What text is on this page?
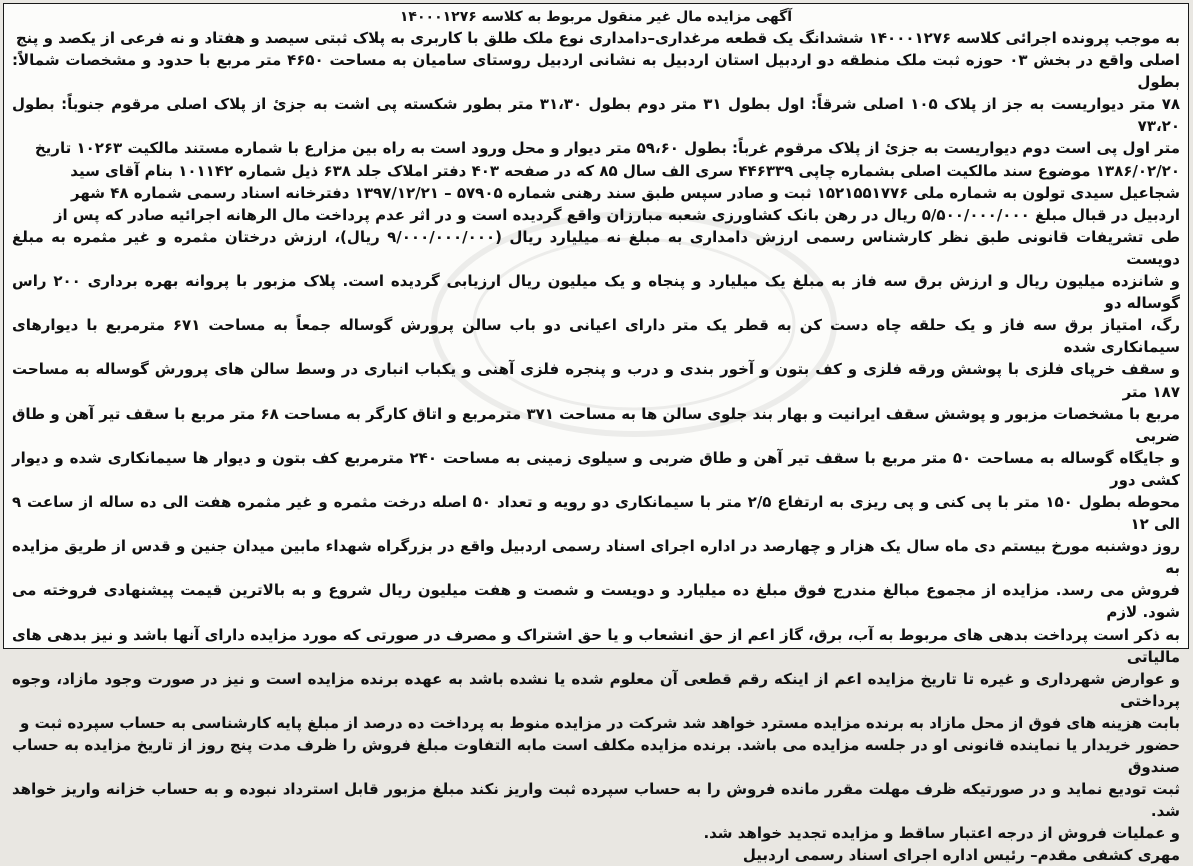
آگهی مزایده مال غیر منقول مربوط به کلاسه ۱۴۰۰۰۱۲۷۶
به موجب پرونده اجرائی کلاسه ۱۴۰۰۰۱۲۷۶ ششدانگ یک قطعه مرغداری–دامداری نوع ملک طلق با کاربری به پلاک ثبتی سیصد و هفتاد و نه فرعی از یکصد و پنج
اصلی واقع در بخش ۰۳ حوزه ثبت ملک منطقه دو اردبیل استان اردبیل به نشانی اردبیل روستای سامیان به مساحت ۴۶۵۰ متر مربع با حدود و مشخصات شمالاً: بطول
۷۸ متر دیواریست به جز از پلاک ۱۰۵ اصلی شرقاً: اول بطول ۳۱ متر دوم بطول ۳۱،۳۰ متر بطور شکسته پی اشت به جزئ از پلاک اصلی مرقوم جنوباً: بطول ۷۳،۲۰
متر اول پی است دوم دیواریست به جزئ از پلاک مرقوم غرباً: بطول ۵۹،۶۰ متر دیوار و محل ورود است به راه بین مزارع با شماره مستند مالکیت ۱۰۲۶۳ تاریخ
۱۳۸۶/۰۲/۲۰ موضوع سند مالکیت اصلی بشماره چاپی ۴۴۶۳۳۹ سری الف سال ۸۵ که در صفحه ۴۰۳ دفتر املاک جلد ۶۳۸ ذیل شماره ۱۰۱۱۴۲ بنام آقای سید
شجاعیل سیدی تولون به شماره ملی ۱۵۲۱۵۵۱۷۷۶ ثبت و صادر سپس طبق سند رهنی شماره ۵۷۹۰۵ – ۱۳۹۷/۱۲/۲۱ دفترخانه اسناد رسمی شماره ۴۸ شهر
اردبیل در قبال مبلغ ۵/۵۰۰/۰۰۰/۰۰۰ ریال در رهن بانک کشاورزی شعبه مبارزان واقع گردیده است و در اثر عدم پرداخت مال الرهانه اجرائیه صادر که پس از
طی تشریفات قانونی طبق نظر کارشناس رسمی ارزش دامداری به مبلغ نه میلیارد ریال (۹/۰۰۰/۰۰۰/۰۰۰ ریال)، ارزش درختان مثمره و غیر مثمره به مبلغ دویست
و شانزده میلیون ریال و ارزش برق سه فاز به مبلغ یک میلیارد و پنجاه و یک میلیون ریال ارزیابی گردیده است. پلاک مزبور با پروانه بهره برداری ۲۰۰ راس گوساله دو
رگ، امتیاز برق سه فاز و یک حلقه چاه دست کن به قطر یک متر دارای اعیانی دو باب سالن پرورش گوساله جمعاً به مساحت ۶۷۱ مترمربع با دیوارهای سیمانکاری شده
و سقف خرپای فلزی با پوشش ورقه فلزی و کف بتون و آخور بندی و درب و پنجره فلزی آهنی و یکباب انباری در وسط سالن های پرورش گوساله به مساحت ۱۸۷ متر
مربع با مشخصات مزبور و پوشش سقف ایرانیت و بهار بند جلوی سالن ها به مساحت ۳۷۱ مترمربع و اتاق کارگر به مساحت ۶۸ متر مربع با سقف تیر آهن و طاق ضربی
و جایگاه گوساله به مساحت ۵۰ متر مربع با سقف تیر آهن و طاق ضربی و سیلوی زمینی به مساحت ۲۴۰ مترمربع کف بتون و دیوار ها سیمانکاری شده و دیوار کشی دور
محوطه بطول ۱۵۰ متر با پی کنی و پی ریزی به ارتفاع ۲/۵ متر با سیمانکاری دو رویه و تعداد ۵۰ اصله درخت مثمره و غیر مثمره هفت الی ده ساله از ساعت ۹ الی ۱۲
روز دوشنبه مورخ بیستم دی ماه سال یک هزار و چهارصد در اداره اجرای اسناد رسمی اردبیل واقع در بزرگراه شهداء مابین میدان جنین و قدس از طریق مزایده به
فروش می رسد. مزایده از مجموع مبالغ مندرج فوق مبلغ ده میلیارد و دویست و شصت و هفت میلیون ریال شروع و به بالاترین قیمت پیشنهادی فروخته می شود. لازم
به ذکر است پرداخت بدهی های مربوط به آب، برق، گاز اعم از حق انشعاب و یا حق اشتراک و مصرف در صورتی که مورد مزایده دارای آنها باشد و نیز بدهی های مالیاتی
و عوارض شهرداری و غیره تا تاریخ مزایده اعم از اینکه رقم قطعی آن معلوم شده یا نشده باشد به عهده برنده مزایده است و نیز در صورت وجود مازاد، وجوه پرداختی
بابت هزینه های فوق از محل مازاد به برنده مزایده مسترد خواهد شد شرکت در مزایده منوط به پرداخت ده درصد از مبلغ پایه کارشناسی به حساب سپرده ثبت و
حضور خریدار یا نماینده قانونی او در جلسه مزایده می باشد. برنده مزایده مکلف است مابه التفاوت مبلغ فروش را ظرف مدت پنج روز از تاریخ مزایده به حساب صندوق
ثبت تودیع نماید و در صورتیکه ظرف مهلت مقرر مانده فروش را به حساب سپرده ثبت واریز نکند مبلغ مزبور قابل استرداد نبوده و به حساب خزانه واریز خواهد شد.
و عملیات فروش از درجه اعتبار ساقط و مزایده تجدید خواهد شد.
مهری کشفی مقدم– رئیس اداره اجرای اسناد رسمی اردبیل
